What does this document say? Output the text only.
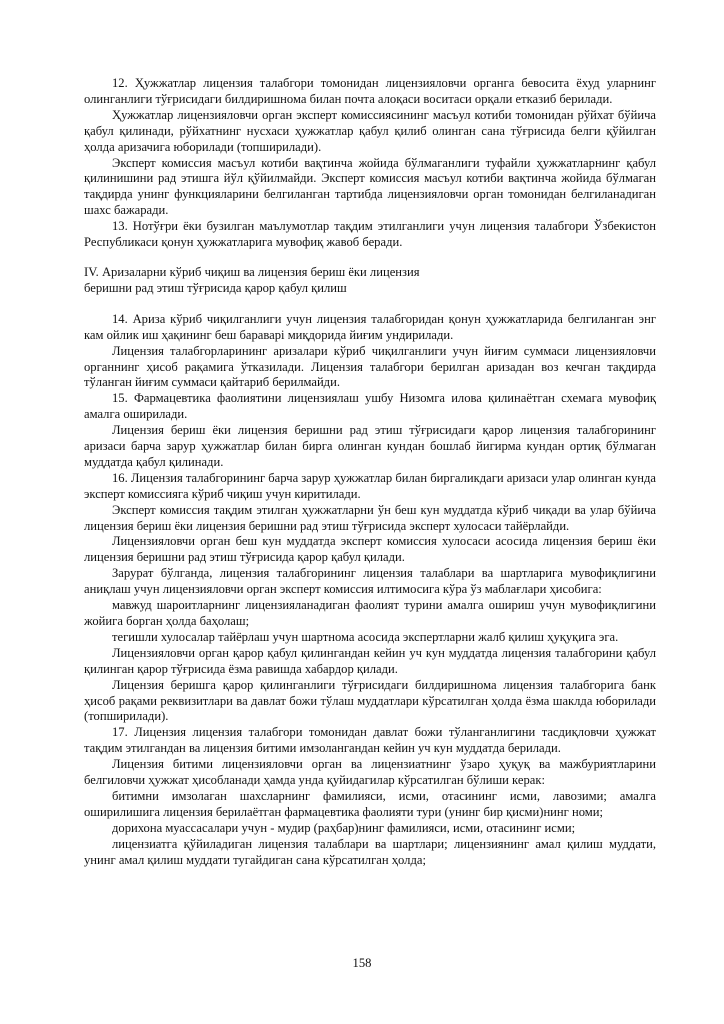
12. Ҳужжатлар лицензия талабгори томонидан лицензияловчи органга бевосита ёхуд уларнинг олинганлиги тўғрисидаги билдиришнома билан почта алоқаси воситаси орқали етказиб берилади.

Ҳужжатлар лицензияловчи орган эксперт комиссиясининг масъул котиби томонидан рўйхат бўйича қабул қилинади, рўйхатнинг нусхаси ҳужжатлар қабул қилиб олинган сана тўғрисида белги қўйилган ҳолда аризачига юборилади (топширилади).

Эксперт комиссия масъул котиби вақтинча жойида бўлмаганлиги туфайли ҳужжатларнинг қабул қилинишини рад этишга йўл қўйилмайди. Эксперт комиссия масъул котиби вақтинча жойида бўлмаган тақдирда унинг функцияларини белгиланган тартибда лицензияловчи орган томонидан белгиланадиган шахс бажаради.

13. Нотўғри ёки бузилган маълумотлар тақдим этилганлиги учун лицензия талабгори Ўзбекистон Республикаси қонун ҳужжатларига мувофиқ жавоб беради.

IV. Аризаларни кўриб чиқиш ва лицензия бериш ёки лицензия

беришни рад этиш тўғрисида қарор қабул қилиш

14. Ариза кўриб чиқилганлиги учун лицензия талабгоридан қонун ҳужжатларида белгиланган энг кам ойлик иш ҳақининг беш бараварi миқдорида йиғим ундирилади.

Лицензия талабгорларининг аризалари кўриб чиқилганлиги учун йиғим суммаси лицензияловчи органнинг ҳисоб рақамига ўтказилади. Лицензия талабгори берилган аризадан воз кечган тақдирда тўланган йиғим суммаси қайтариб берилмайди.

15. Фармацевтика фаолиятини лицензиялаш ушбу Низомга илова қилинаётган схемага мувофиқ амалга оширилади.

Лицензия бериш ёки лицензия беришни рад этиш тўғрисидаги қарор лицензия талабгорининг аризаси барча зарур ҳужжатлар билан бирга олинган кундан бошлаб йигирма кундан ортиқ бўлмаган муддатда қабул қилинади.

16. Лицензия талабгорининг барча зарур ҳужжатлар билан биргаликдаги аризаси улар олинган кунда эксперт комиссияга кўриб чиқиш учун киритилади.

Эксперт комиссия тақдим этилган ҳужжатларни ўн беш кун муддатда кўриб чиқади ва улар бўйича лицензия бериш ёки лицензия беришни рад этиш тўғрисида эксперт хулосаси тайёрлайди.

Лицензияловчи орган беш кун муддатда эксперт комиссия хулосаси асосида лицензия бериш ёки лицензия беришни рад этиш тўғрисида қарор қабул қилади.

Зарурат бўлганда, лицензия талабгорининг лицензия талаблари ва шартларига мувофиқлигини аниқлаш учун лицензияловчи орган эксперт комиссия илтимосига кўра ўз маблағлари ҳисобига:

мавжуд шароитларнинг лицензияланадиган фаолият турини амалга ошириш учун мувофиқлигини жойига борган ҳолда баҳолаш;

тегишли хулосалар тайёрлаш учун шартнома асосида экспертларни жалб қилиш ҳуқуқига эга.

Лицензияловчи орган қарор қабул қилингандан кейин уч кун муддатда лицензия талабгорини қабул қилинган қарор тўғрисида ёзма равишда хабардор қилади.

Лицензия беришга қарор қилинганлиги тўғрисидаги билдиришнома лицензия талабгорига банк ҳисоб рақами реквизитлари ва давлат божи тўлаш муддатлари кўрсатилган ҳолда ёзма шаклда юборилади (топширилади).

17. Лицензия лицензия талабгори томонидан давлат божи тўланганлигини тасдиқловчи ҳужжат тақдим этилгандан ва лицензия битими имзолангандан кейин уч кун муддатда берилади.

Лицензия битими лицензияловчи орган ва лицензиатнинг ўзаро ҳуқуқ ва мажбуриятларини белгиловчи ҳужжат ҳисобланади ҳамда унда қуйидагилар кўрсатилган бўлиши керак:

битимни имзолаган шахсларнинг фамилияси, исми, отасининг исми, лавозими; амалга оширилишига лицензия берилаётган фармацевтика фаолияти тури (унинг бир қисми)нинг номи;

дорихона муассасалари учун - мудир (раҳбар)нинг фамилияси, исми, отасининг исми;

лицензиатга қўйиладиган лицензия талаблари ва шартлари; лицензиянинг амал қилиш муддати, унинг амал қилиш муддати тугайдиган сана кўрсатилган ҳолда;

158
